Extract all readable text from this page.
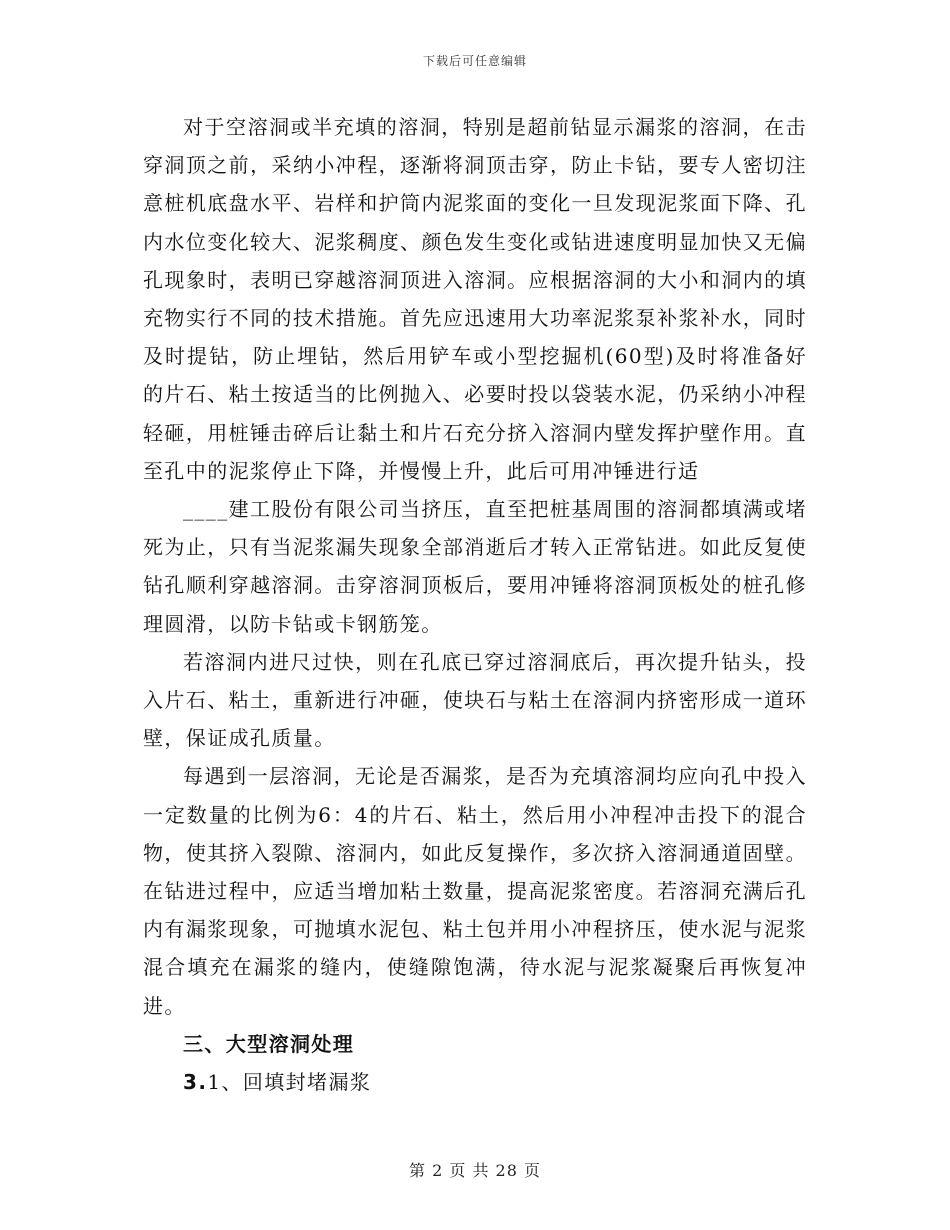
下载后可任意编辑

对于空溶洞或半充填的溶洞，特别是超前钻显示漏浆的溶洞，在击穿洞顶之前，采纳小冲程，逐渐将洞顶击穿，防止卡钻，要专人密切注意桩机底盘水平、岩样和护筒内泥浆面的变化一旦发现泥浆面下降、孔内水位变化较大、泥浆稠度、颜色发生变化或钻进速度明显加快又无偏孔现象时，表明已穿越溶洞顶进入溶洞。应根据溶洞的大小和洞内的填充物实行不同的技术措施。首先应迅速用大功率泥浆泵补浆补水，同时及时提钻，防止埋钻，然后用铲车或小型挖掘机(60型)及时将准备好的片石、粘土按适当的比例抛入、必要时投以袋装水泥，仍采纳小冲程轻砸，用桩锤击碎后让黏土和片石充分挤入溶洞内壁发挥护壁作用。直至孔中的泥浆停止下降，并慢慢上升，此后可用冲锤进行适

____建工股份有限公司当挤压，直至把桩基周围的溶洞都填满或堵死为止，只有当泥浆漏失现象全部消逝后才转入正常钻进。如此反复使钻孔顺利穿越溶洞。击穿溶洞顶板后，要用冲锤将溶洞顶板处的桩孔修理圆滑，以防卡钻或卡钢筋笼。

若溶洞内进尺过快，则在孔底已穿过溶洞底后，再次提升钻头，投入片石、粘土，重新进行冲砸，使块石与粘土在溶洞内挤密形成一道环壁，保证成孔质量。

每遇到一层溶洞，无论是否漏浆，是否为充填溶洞均应向孔中投入一定数量的比例为6：4的片石、粘土，然后用小冲程冲击投下的混合物，使其挤入裂隙、溶洞内，如此反复操作，多次挤入溶洞通道固壁。在钻进过程中，应适当增加粘土数量，提高泥浆密度。若溶洞充满后孔内有漏浆现象，可抛填水泥包、粘土包并用小冲程挤压，使水泥与泥浆混合填充在漏浆的缝内，使缝隙饱满，待水泥与泥浆凝聚后再恢复冲进。

三、大型溶洞处理

3.1、回填封堵漏浆

第 2 页 共 28 页
